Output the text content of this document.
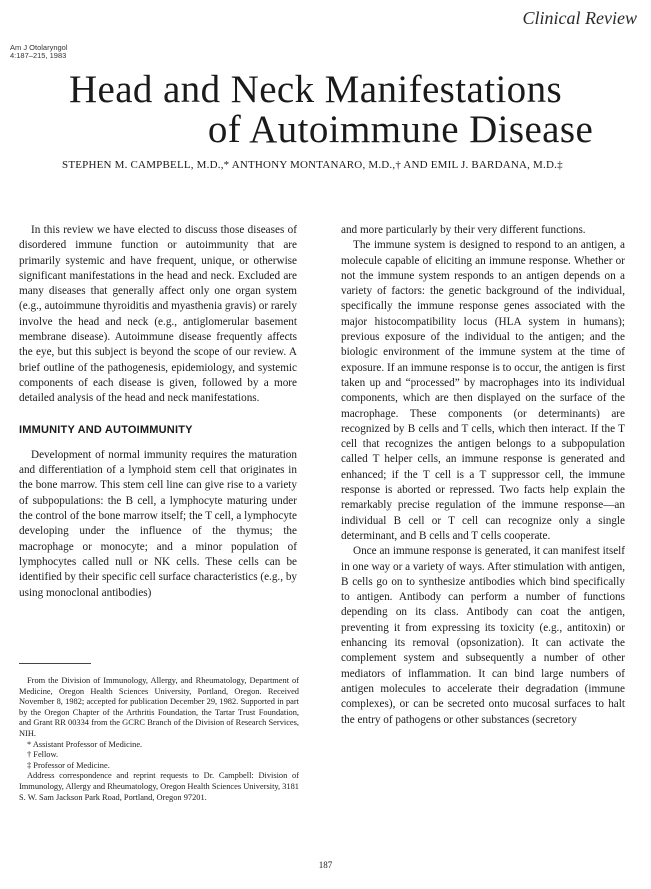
Clinical Review
Am J Otolaryngol
4:187–215, 1983
Head and Neck Manifestations
of Autoimmune Disease
STEPHEN M. CAMPBELL, M.D.,* ANTHONY MONTANARO, M.D.,† AND EMIL J. BARDANA, M.D.‡

In this review we have elected to discuss those diseases of disordered immune function or autoimmunity that are primarily systemic and have frequent, unique, or otherwise significant manifestations in the head and neck. Excluded are many diseases that generally affect only one organ system (e.g., autoimmune thyroiditis and myasthenia gravis) or rarely involve the head and neck (e.g., antiglomerular basement membrane disease). Autoimmune disease frequently affects the eye, but this subject is beyond the scope of our review. A brief outline of the pathogenesis, epidemiology, and systemic components of each disease is given, followed by a more detailed analysis of the head and neck manifestations.

IMMUNITY AND AUTOIMMUNITY

Development of normal immunity requires the maturation and differentiation of a lymphoid stem cell that originates in the bone marrow. This stem cell line can give rise to a variety of subpopulations: the B cell, a lymphocyte maturing under the control of the bone marrow itself; the T cell, a lymphocyte developing under the influence of the thymus; the macrophage or monocyte; and a minor population of lymphocytes called null or NK cells. These cells can be identified by their specific cell surface characteristics (e.g., by using monoclonal antibodies)

and more particularly by their very different functions.

The immune system is designed to respond to an antigen, a molecule capable of eliciting an immune response. Whether or not the immune system responds to an antigen depends on a variety of factors: the genetic background of the individual, specifically the immune response genes associated with the major histocompatibility locus (HLA system in humans); previous exposure of the individual to the antigen; and the biologic environment of the immune system at the time of exposure. If an immune response is to occur, the antigen is first taken up and “processed” by macrophages into its individual components, which are then displayed on the surface of the macrophage. These components (or determinants) are recognized by B cells and T cells, which then interact. If the T cell that recognizes the antigen belongs to a subpopulation called T helper cells, an immune response is generated and enhanced; if the T cell is a T suppressor cell, the immune response is aborted or repressed. Two facts help explain the remarkably precise regulation of the immune response—an individual B cell or T cell can recognize only a single determinant, and B cells and T cells cooperate.

Once an immune response is generated, it can manifest itself in one way or a variety of ways. After stimulation with antigen, B cells go on to synthesize antibodies which bind specifically to antigen. Antibody can perform a number of functions depending on its class. Antibody can coat the antigen, preventing it from expressing its toxicity (e.g., antitoxin) or enhancing its removal (opsonization). It can activate the complement system and subsequently a number of other mediators of inflammation. It can bind large numbers of antigen molecules to accelerate their degradation (immune complexes), or can be secreted onto mucosal surfaces to halt the entry of pathogens or other substances (secretory

From the Division of Immunology, Allergy, and Rheumatology, Department of Medicine, Oregon Health Sciences University, Portland, Oregon. Received November 8, 1982; accepted for publication December 29, 1982. Supported in part by the Oregon Chapter of the Arthritis Foundation, the Tartar Trust Foundation, and Grant RR 00334 from the GCRC Branch of the Division of Research Services, NIH.

* Assistant Professor of Medicine.

† Fellow.

‡ Professor of Medicine.

Address correspondence and reprint requests to Dr. Campbell: Division of Immunology, Allergy and Rheumatology, Oregon Health Sciences University, 3181 S. W. Sam Jackson Park Road, Portland, Oregon 97201.

187
